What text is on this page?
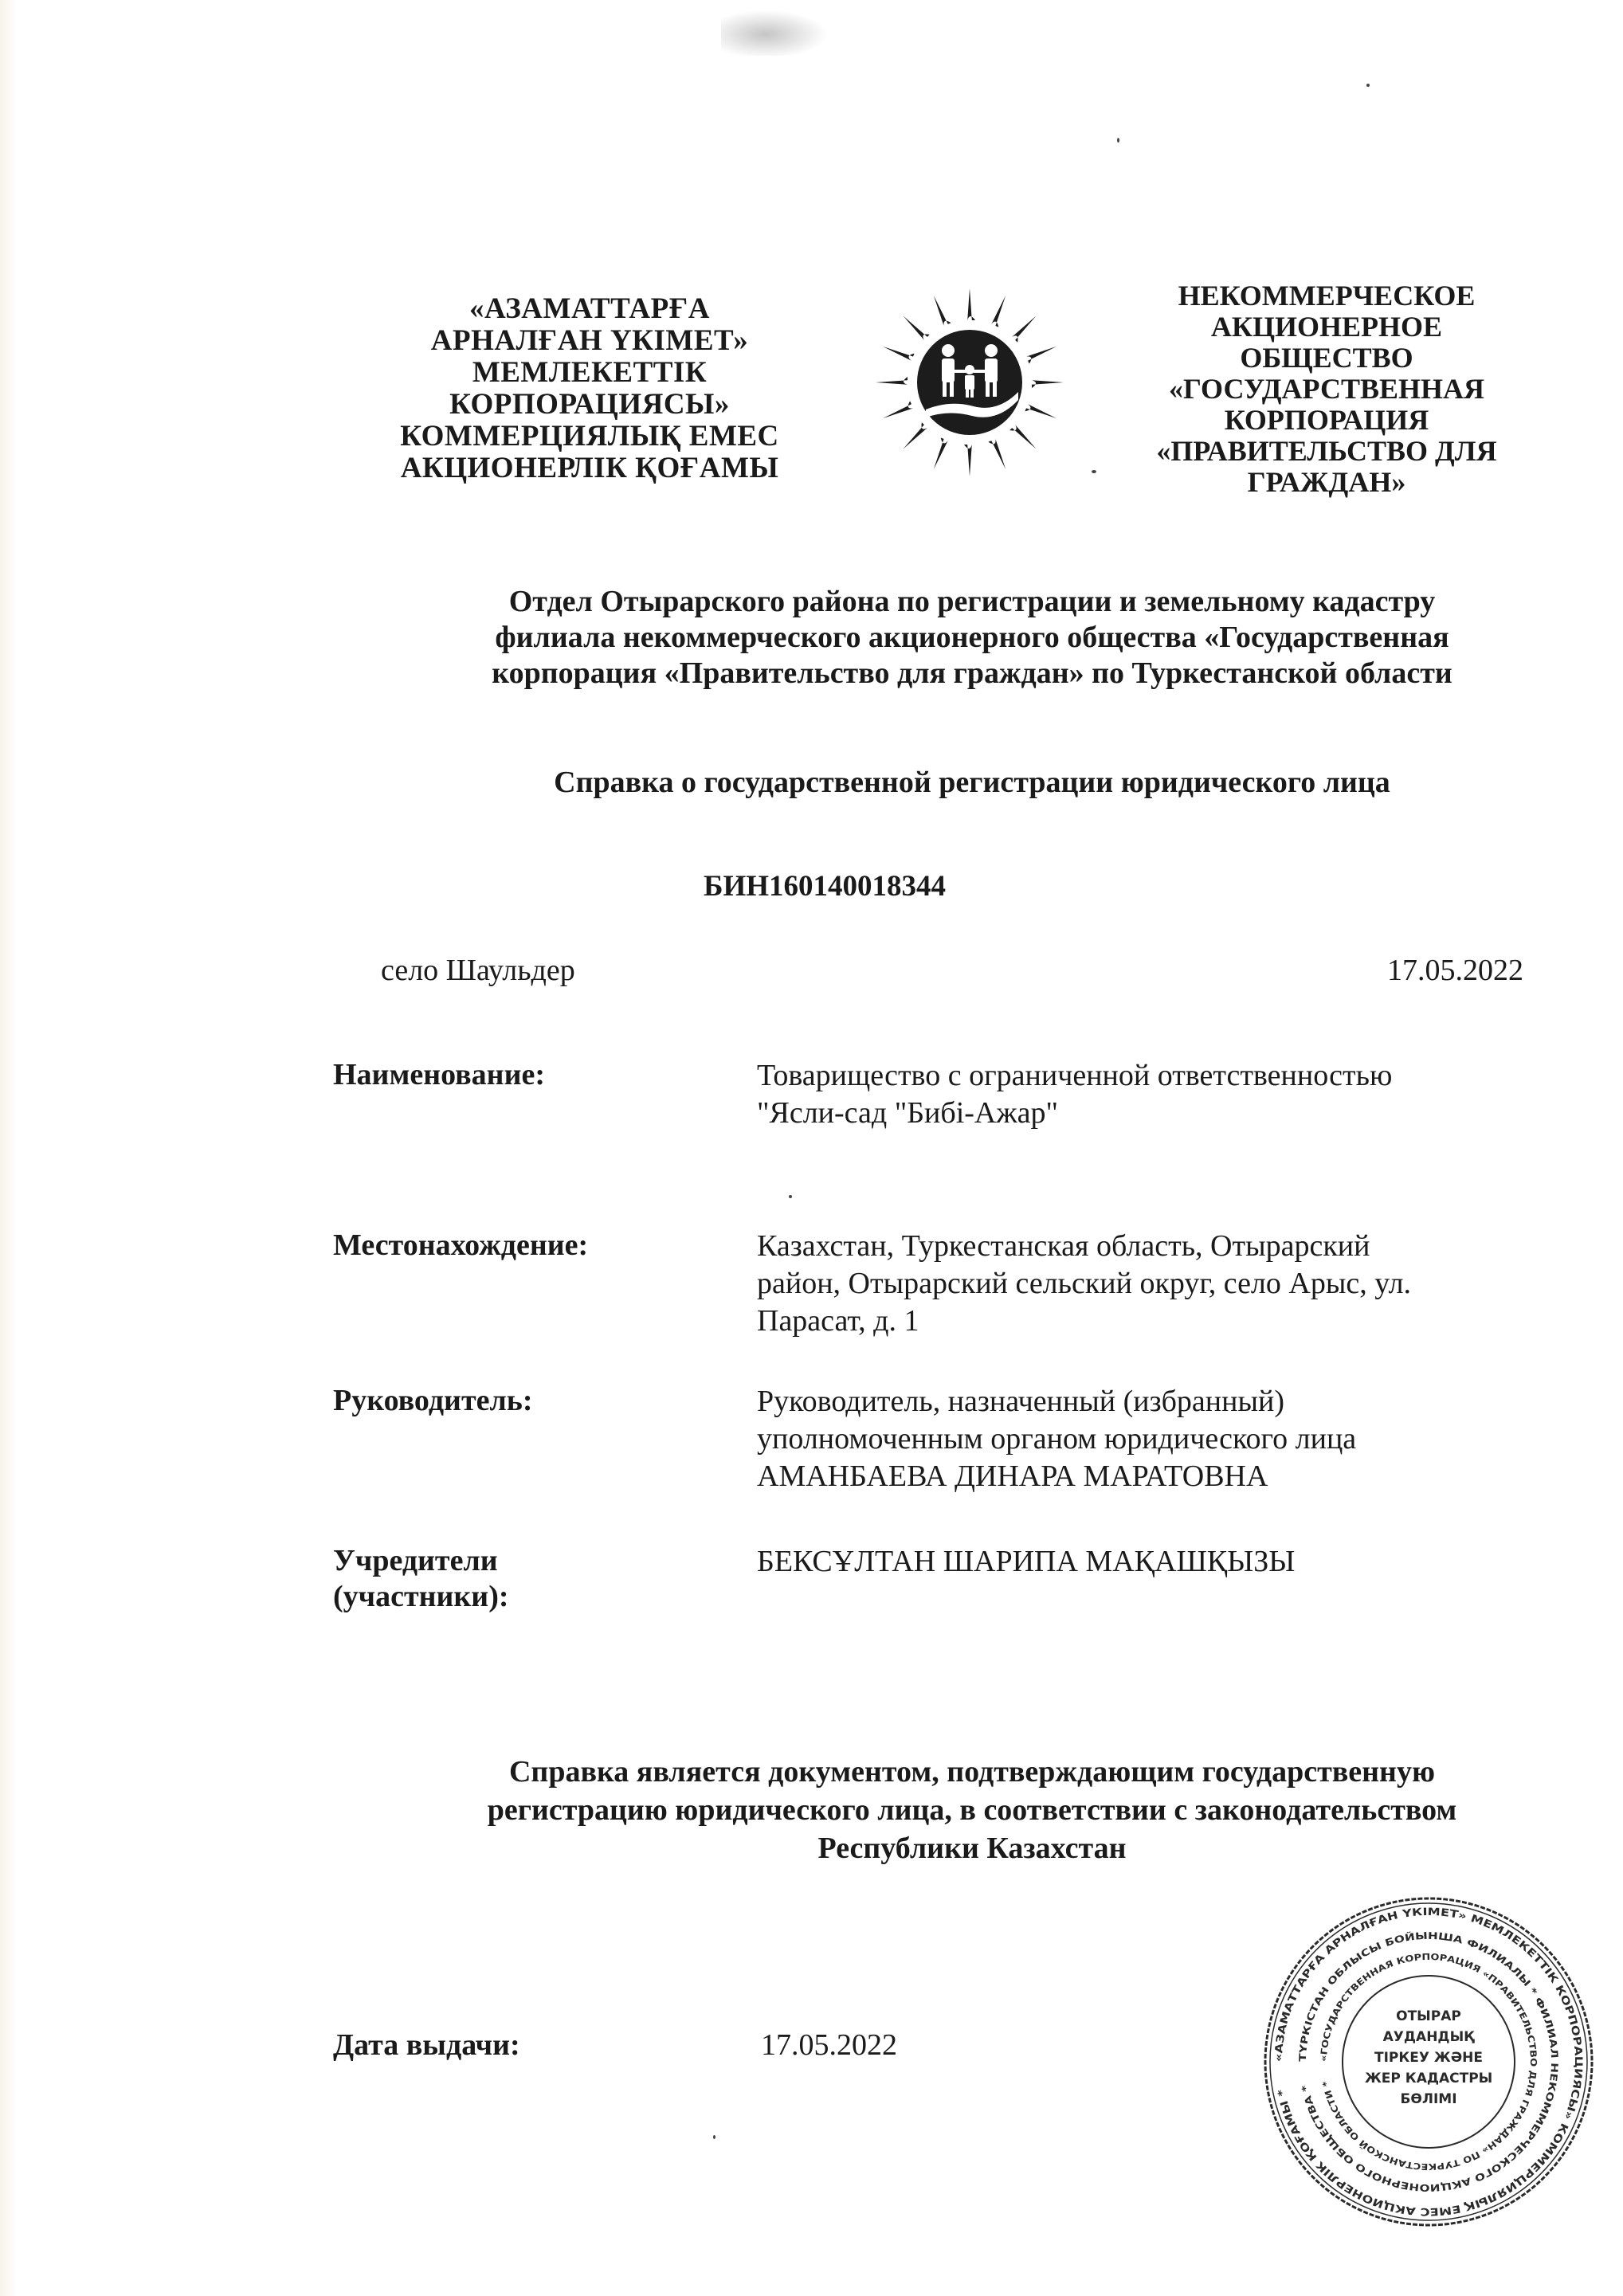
«АЗАМАТТАРҒА
АРНАЛҒАН ҮКІМЕТ»
МЕМЛЕКЕТТІК
КОРПОРАЦИЯСЫ»
КОММЕРЦИЯЛЫҚ ЕМЕС
АКЦИОНЕРЛІК ҚОҒАМЫ
НЕКОММЕРЧЕСКОЕ
АКЦИОНЕРНОЕ
ОБЩЕСТВО
«ГОСУДАРСТВЕННАЯ
КОРПОРАЦИЯ
«ПРАВИТЕЛЬСТВО ДЛЯ
ГРАЖДАН»
Отдел Отырарского района по регистрации и земельному кадастру
филиала некоммерческого акционерного общества «Государственная
корпорация «Правительство для граждан» по Туркестанской области
Справка о государственной регистрации юридического лица
БИН160140018344
село Шаульдер	17.05.2022
Наименование:	Товарищество с ограниченной ответственностью
"Ясли-сад "Бибі-Ажар"
Местонахождение:	Казахстан, Туркестанская область, Отырарский
район, Отырарский сельский округ, село Арыс, ул.
Парасат, д. 1
Руководитель:	Руководитель, назначенный (избранный)
уполномоченным органом юридического лица
АМАНБАЕВА ДИНАРА МАРАТОВНА
Учредители
(участники):
БЕКСҰЛТАН ШАРИПА МАҚАШҚЫЗЫ
Справка является документом, подтверждающим государственную
регистрацию юридического лица, в соответствии с законодательством
Республики Казахстан
Дата выдачи:	17.05.2022	«АЗАМАТТАРҒА АРНАЛҒАН ҮКІМЕТ» МЕМЛЕКЕТТІК КОРПОРАЦИЯСЫ» КОММЕРЦИЯЛЫҚ ЕМЕС АКЦИОНЕРЛІК ҚОҒАМЫ *
ТҮРКІСТАН ОБЛЫСЫ БОЙЫНША ФИЛИАЛЫ * ФИЛИАЛ НЕКОММЕРЧЕСКОГО АКЦИОНЕРНОГО ОБЩЕСТВА *
«ГОСУДАРСТВЕННАЯ КОРПОРАЦИЯ «ПРАВИТЕЛЬСТВО ДЛЯ ГРАЖДАН» ПО ТУРКЕСТАНСКОЙ ОБЛАСТИ *
ОТЫРАР
АУДАНДЫҚ
ТІРКЕУ ЖӘНЕ
ЖЕР КАДАСТРЫ
БӨЛІМІ
